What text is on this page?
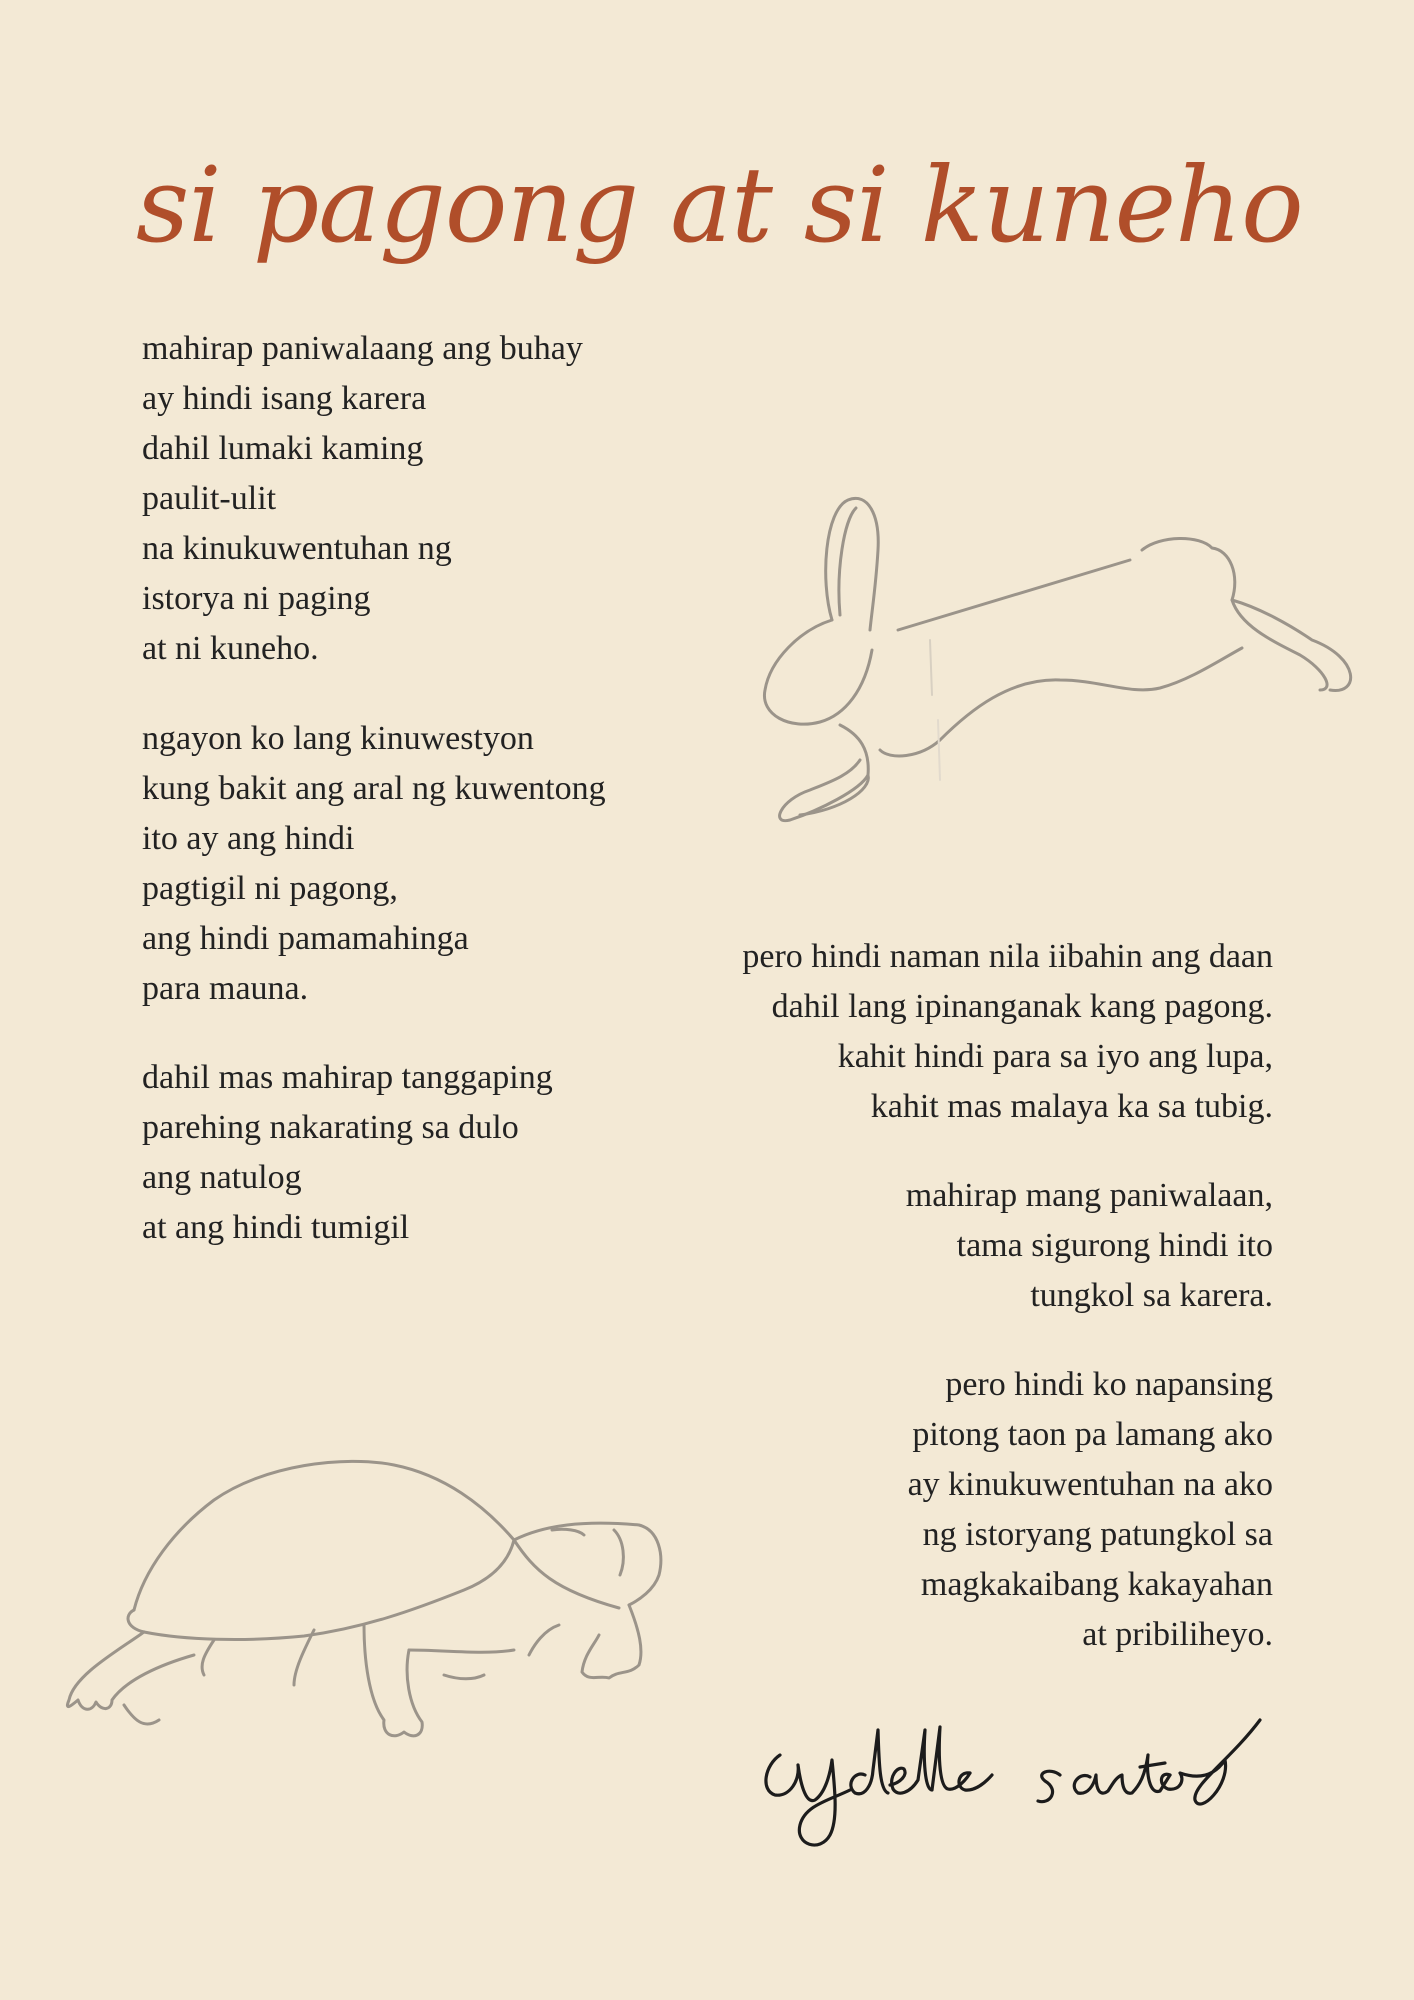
si pagong at si kuneho
mahirap paniwalaang ang buhay
ay hindi isang karera
dahil lumaki kaming
paulit-ulit
na kinukuwentuhan ng
istorya ni paging
at ni kuneho.
ngayon ko lang kinuwestyon
kung bakit ang aral ng kuwentong
ito ay ang hindi
pagtigil ni pagong,
ang hindi pamamahinga
para mauna.
dahil mas mahirap tanggaping
parehing nakarating sa dulo
ang natulog
at ang hindi tumigil
pero hindi naman nila iibahin ang daan
dahil lang ipinanganak kang pagong.
kahit hindi para sa iyo ang lupa,
kahit mas malaya ka sa tubig.
mahirap mang paniwalaan,
tama sigurong hindi ito
tungkol sa karera.
pero hindi ko napansing
pitong taon pa lamang ako
ay kinukuwentuhan na ako
ng istoryang patungkol sa
magkakaibang kakayahan
at pribiliheyo.
